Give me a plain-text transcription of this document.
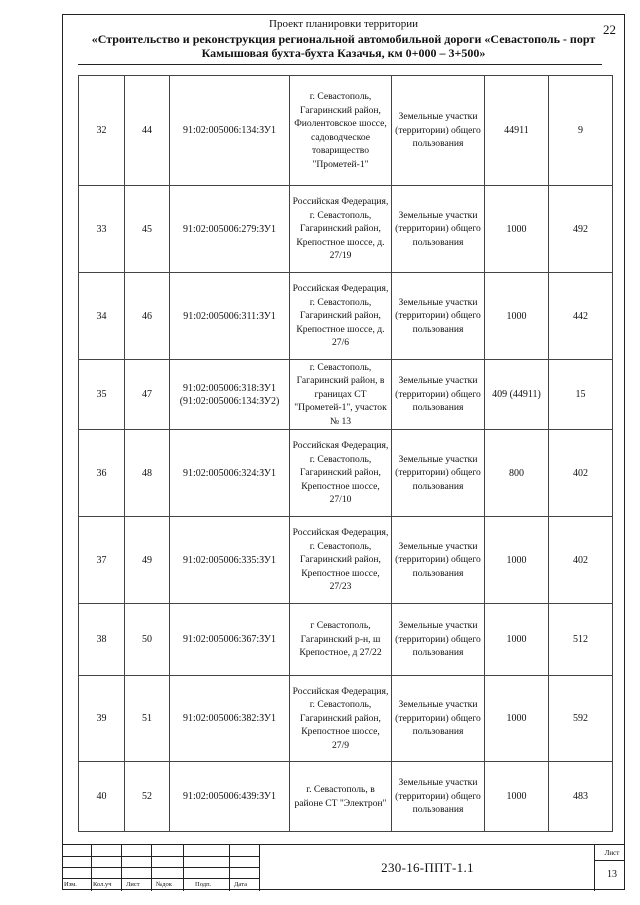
Проект планировки территории
«Строительство и реконструкция региональной автомобильной дороги «Севастополь - порт
Камышовая бухта-бухта Казачья, км 0+000 – 3+500»
22
32	44	91:02:005006:134:ЗУ1	г. Севастополь, Гагаринский район, Фиолентовское шоссе, садоводческое товарищество "Прометей-1"	Земельные участки (территории) общего пользования	44911	9
33	45	91:02:005006:279:ЗУ1	Российская Федерация, г. Севастополь, Гагаринский район, Крепостное шоссе, д. 27/19	Земельные участки (территории) общего пользования	1000	492
34	46	91:02:005006:311:ЗУ1	Российская Федерация, г. Севастополь, Гагаринский район, Крепостное шоссе, д. 27/6	Земельные участки (территории) общего пользования	1000	442
35	47	91:02:005006:318:ЗУ1 (91:02:005006:134:ЗУ2)	г. Севастополь, Гагаринский район, в границах СТ "Прометей-1", участок № 13	Земельные участки (территории) общего пользования	409 (44911)	15
36	48	91:02:005006:324:ЗУ1	Российская Федерация, г. Севастополь, Гагаринский район, Крепостное шоссе, 27/10	Земельные участки (территории) общего пользования	800	402
37	49	91:02:005006:335:ЗУ1	Российская Федерация, г. Севастополь, Гагаринский район, Крепостное шоссе, 27/23	Земельные участки (территории) общего пользования	1000	402
38	50	91:02:005006:367:ЗУ1	г Севастополь, Гагаринский р-н, ш Крепостное, д 27/22	Земельные участки (территории) общего пользования	1000	512
39	51	91:02:005006:382:ЗУ1	Российская Федерация, г. Севастополь, Гагаринский район, Крепостное шоссе, 27/9	Земельные участки (территории) общего пользования	1000	592
40	52	91:02:005006:439:ЗУ1	г. Севастополь, в районе СТ "Электрон"	Земельные участки (территории) общего пользования	1000	483
Изм. Кол.уч Лист	№док	Подп.	Дата
230-16-ППТ-1.1
Лист
13
